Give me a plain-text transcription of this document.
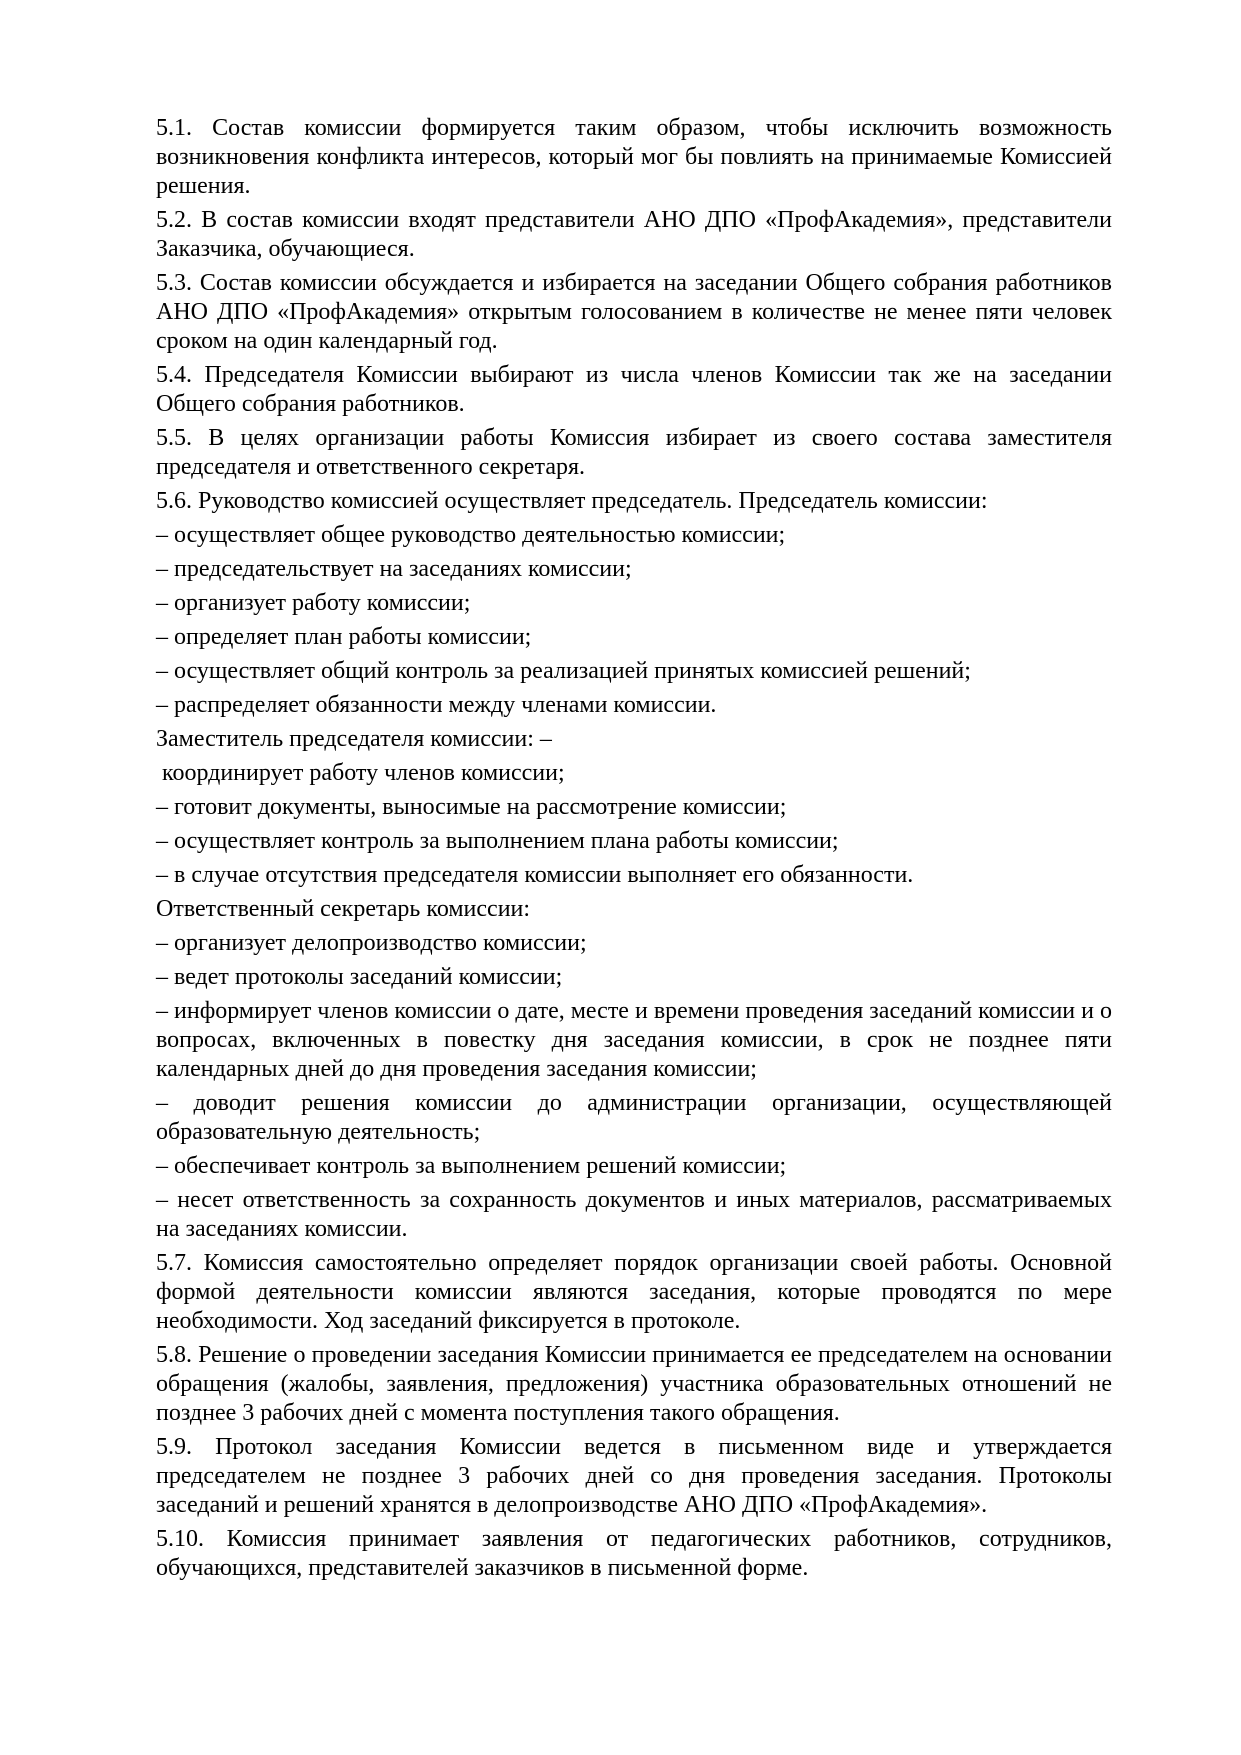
5.1. Состав комиссии формируется таким образом, чтобы исключить возможность возникновения конфликта интересов, который мог бы повлиять на принимаемые Комиссией решения.

5.2. В состав комиссии входят представители АНО ДПО «ПрофАкадемия», представители Заказчика, обучающиеся.

5.3. Состав комиссии обсуждается и избирается на заседании Общего собрания работников АНО ДПО «ПрофАкадемия» открытым голосованием в количестве не менее пяти человек сроком на один календарный год.

5.4. Председателя Комиссии выбирают из числа членов Комиссии так же на заседании Общего собрания работников.

5.5. В целях организации работы Комиссия избирает из своего состава заместителя председателя и ответственного секретаря.

5.6. Руководство комиссией осуществляет председатель. Председатель комиссии:

– осуществляет общее руководство деятельностью комиссии;

– председательствует на заседаниях комиссии;

– организует работу комиссии;

– определяет план работы комиссии;

– осуществляет общий контроль за реализацией принятых комиссией решений;

– распределяет обязанности между членами комиссии.

Заместитель председателя комиссии: –

координирует работу членов комиссии;

– готовит документы, выносимые на рассмотрение комиссии;

– осуществляет контроль за выполнением плана работы комиссии;

– в случае отсутствия председателя комиссии выполняет его обязанности.

Ответственный секретарь комиссии:

– организует делопроизводство комиссии;

– ведет протоколы заседаний комиссии;

– информирует членов комиссии о дате, месте и времени проведения заседаний комиссии и о вопросах, включенных в повестку дня заседания комиссии, в срок не позднее пяти календарных дней до дня проведения заседания комиссии;

– доводит решения комиссии до администрации организации, осуществляющей образовательную деятельность;

– обеспечивает контроль за выполнением решений комиссии;

– несет ответственность за сохранность документов и иных материалов, рассматриваемых на заседаниях комиссии.

5.7. Комиссия самостоятельно определяет порядок организации своей работы. Основной формой деятельности комиссии являются заседания, которые проводятся по мере необходимости. Ход заседаний фиксируется в протоколе.

5.8. Решение о проведении заседания Комиссии принимается ее председателем на основании обращения (жалобы, заявления, предложения) участника образовательных отношений не позднее 3 рабочих дней с момента поступления такого обращения.

5.9. Протокол заседания Комиссии ведется в письменном виде и утверждается председателем не позднее 3 рабочих дней со дня проведения заседания. Протоколы заседаний и решений хранятся в делопроизводстве АНО ДПО «ПрофАкадемия».

5.10. Комиссия принимает заявления от педагогических работников, сотрудников, обучающихся, представителей заказчиков в письменной форме.
